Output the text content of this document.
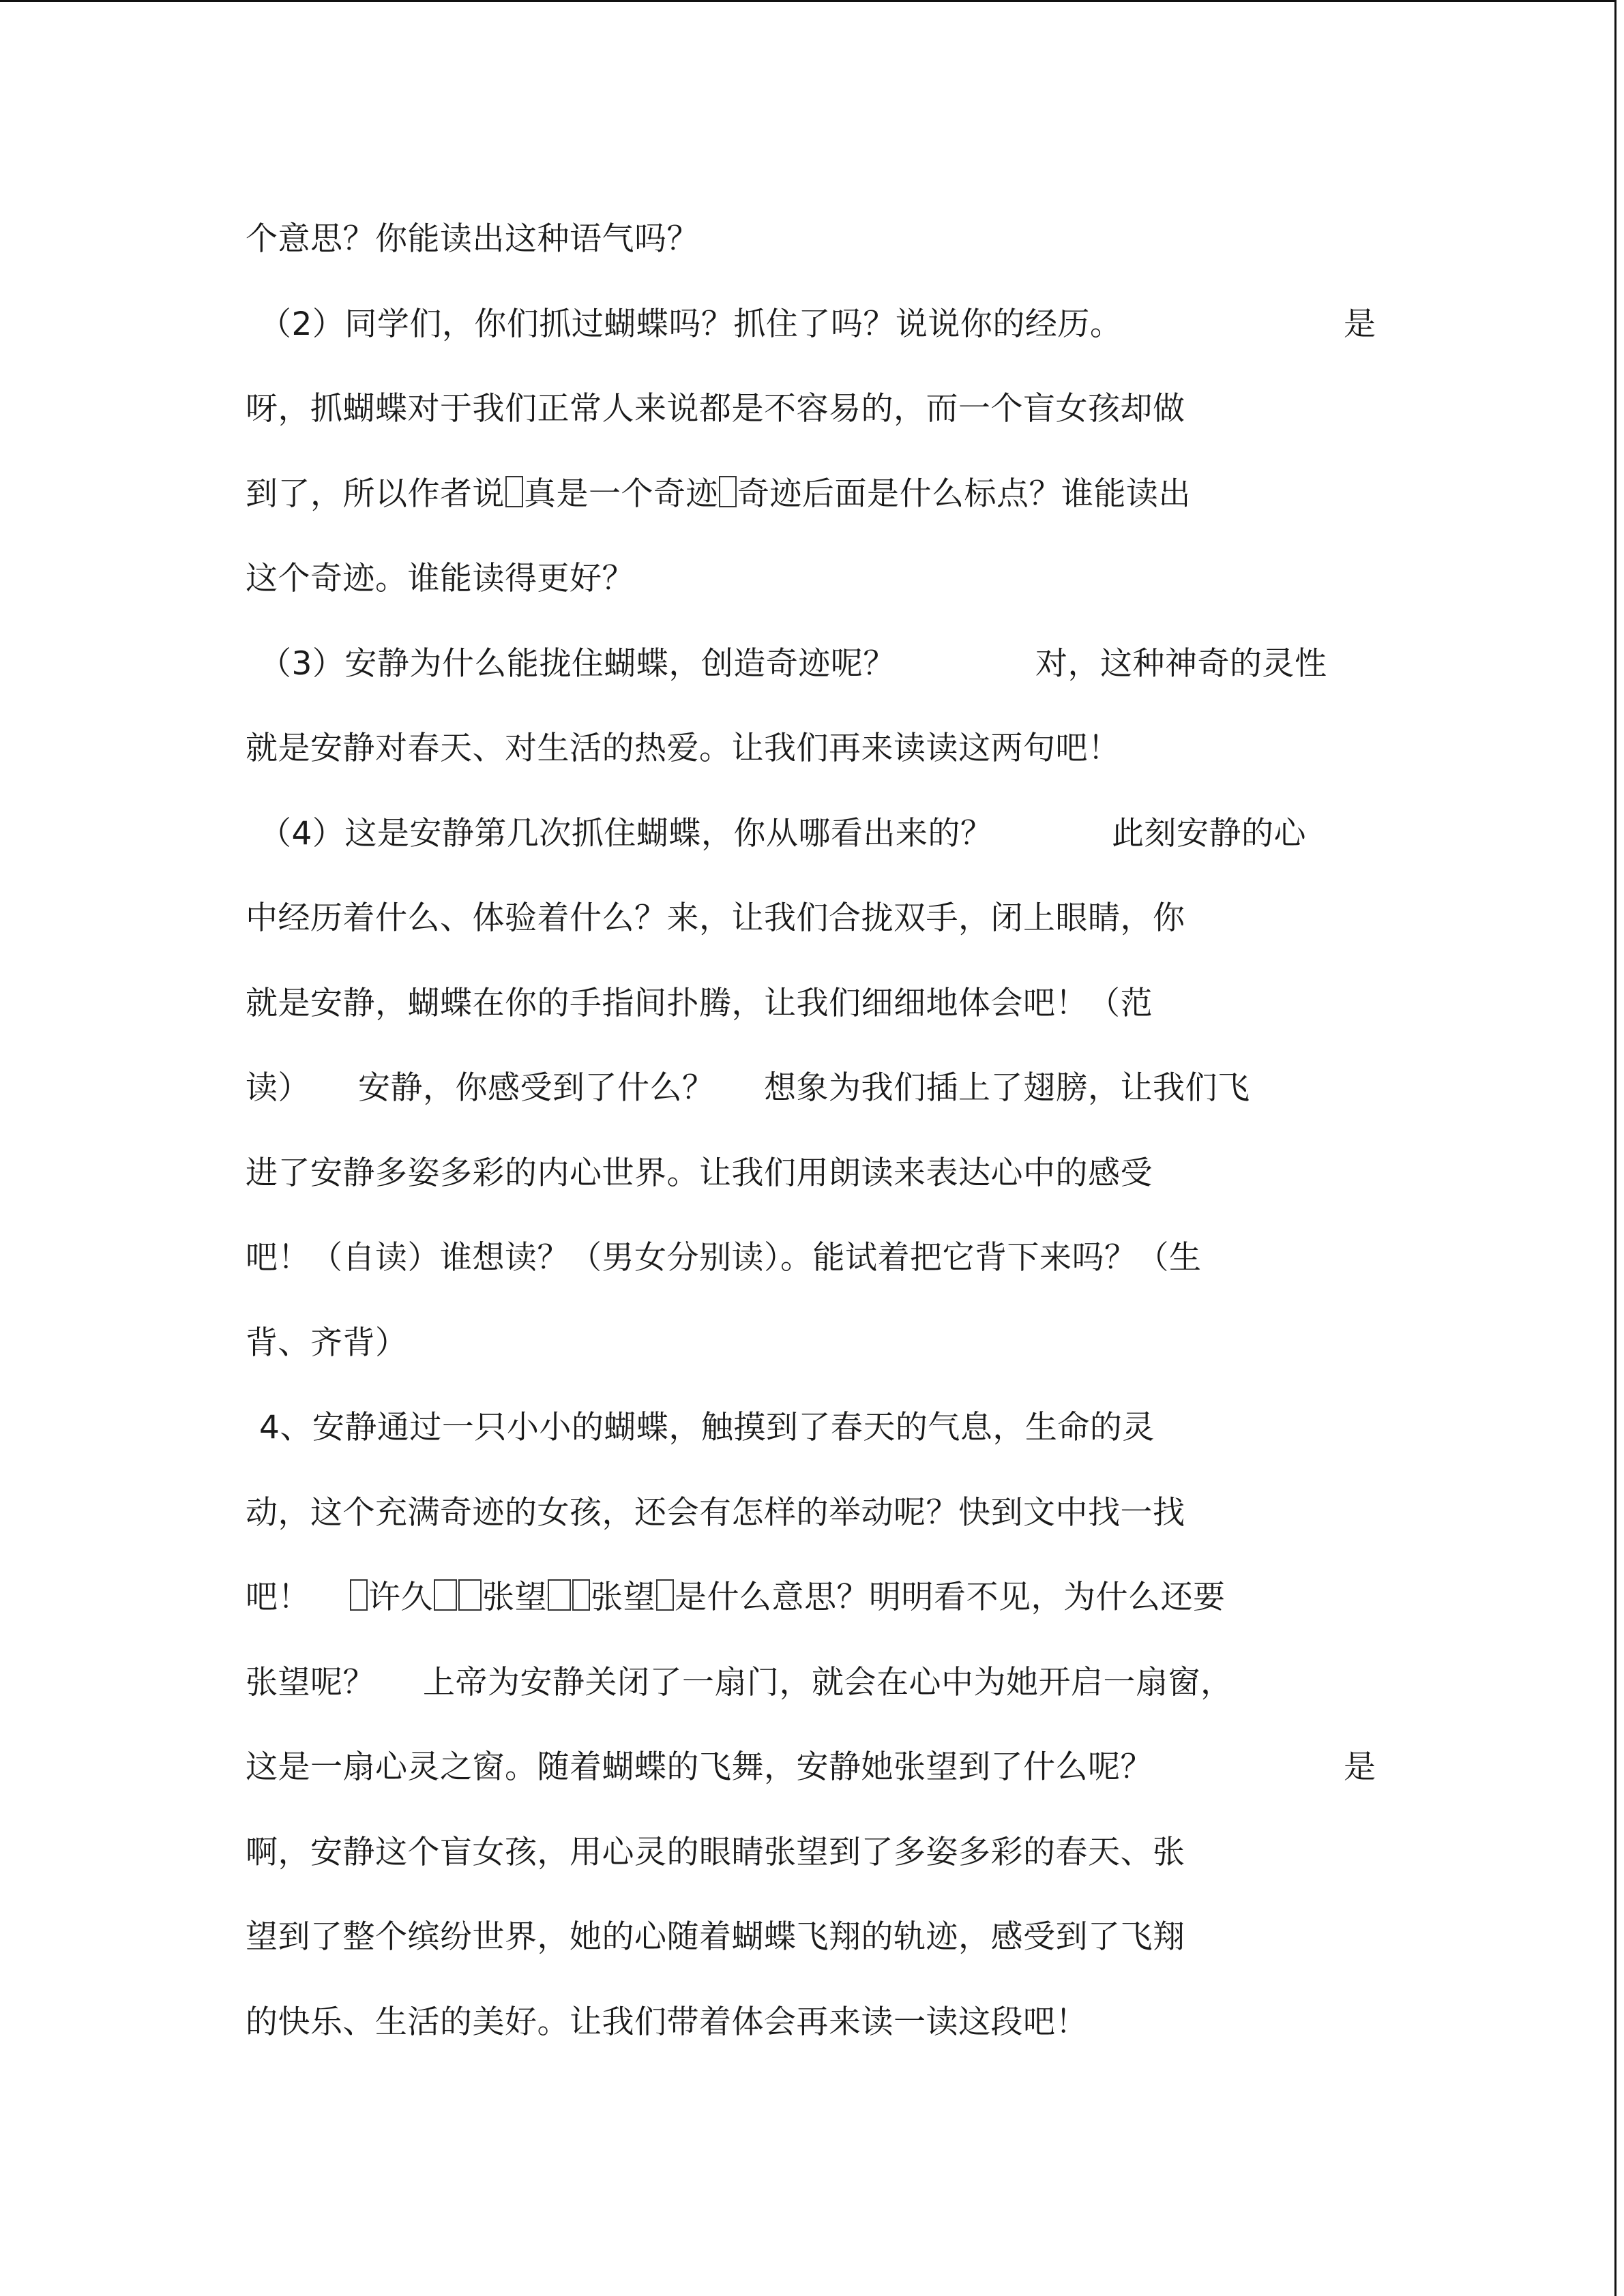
个意思？你能读出这种语气吗？
（2）同学们，你们抓过蝴蝶吗？抓住了吗？说说你的经历。	是
呀，抓蝴蝶对于我们正常人来说都是不容易的，而一个盲女孩却做
到了，所以作者说 真是一个奇迹 奇迹后面是什么标点？谁能读出
这个奇迹。谁能读得更好？
（3）安静为什么能拢住蝴蝶，创造奇迹呢？	对，这种神奇的灵性
就是安静对春天、对生活的热爱。让我们再来读读这两句吧！
（4）这是安静第几次抓住蝴蝶，你从哪看出来的？	此刻安静的心
中经历着什么、体验着什么？来，让我们合拢双手，闭上眼睛，你
就是安静，蝴蝶在你的手指间扑腾，让我们细细地体会吧！（范
读） 安静，你感受到了什么？ 想象为我们插上了翅膀，让我们飞
进了安静多姿多彩的内心世界。让我们用朗读来表达心中的感受
吧！（自读）谁想读？（男女分别读）。能试着把它背下来吗？（生
背、齐背）
4、安静通过一只小小的蝴蝶，触摸到了春天的气息，生命的灵
动，这个充满奇迹的女孩，还会有怎样的举动呢？快到文中找一找
吧！	许久 张望 张望 是什么意思？明明看不见，为什么还要
张望呢？ 上帝为安静关闭了一扇门，就会在心中为她开启一扇窗，
这是一扇心灵之窗。随着蝴蝶的飞舞，安静她张望到了什么呢？	是
啊，安静这个盲女孩，用心灵的眼睛张望到了多姿多彩的春天、张
望到了整个缤纷世界，她的心随着蝴蝶飞翔的轨迹，感受到了飞翔
的快乐、生活的美好。让我们带着体会再来读一读这段吧！
